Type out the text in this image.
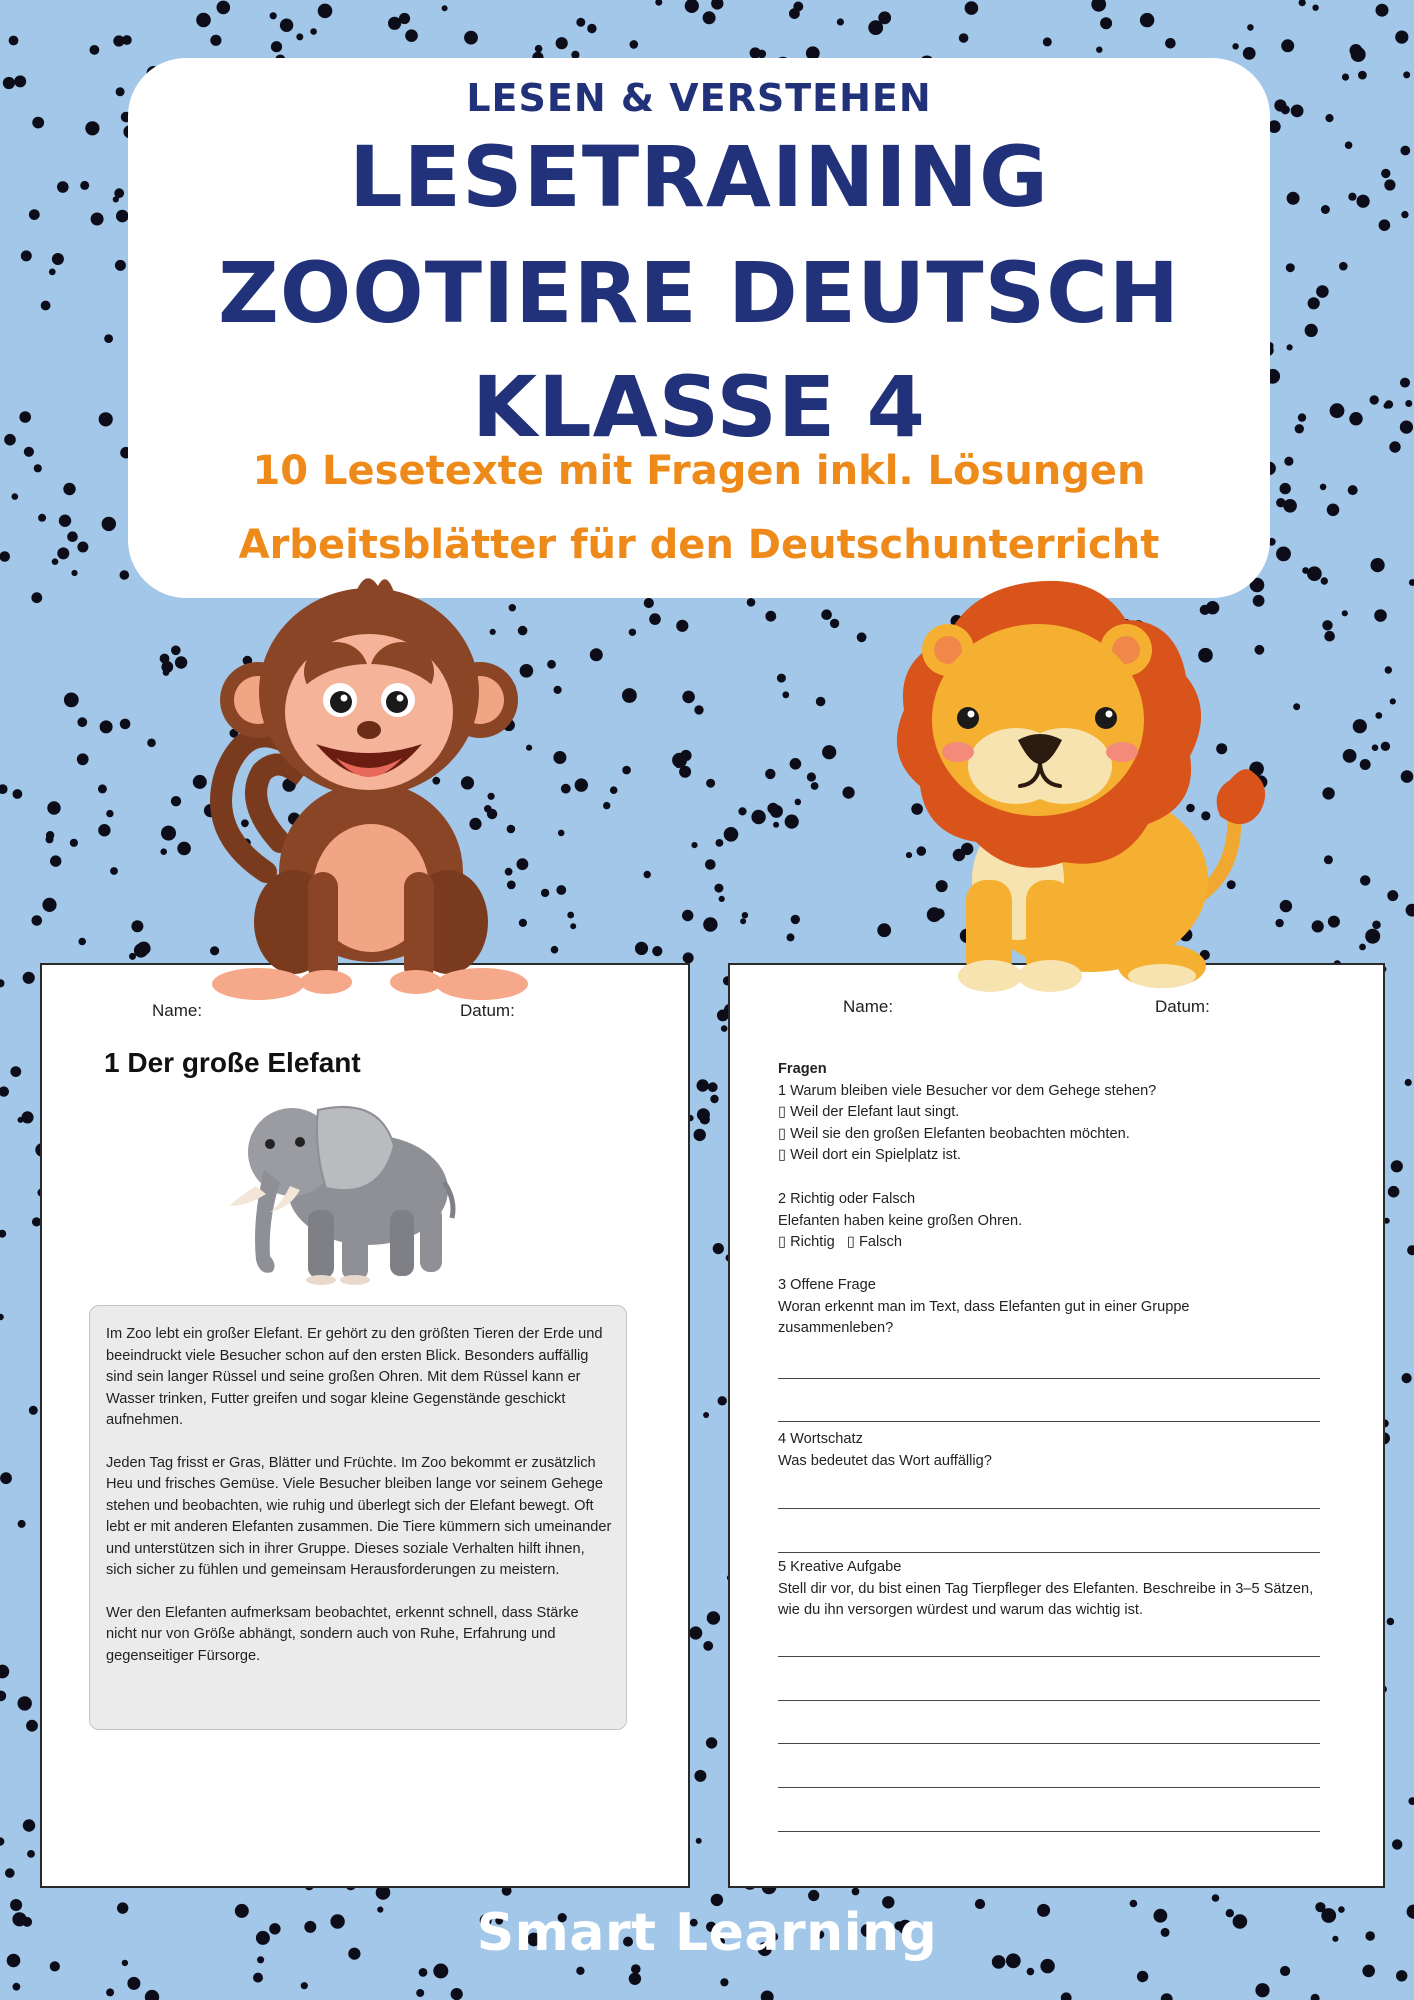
LESEN & VERSTEHEN
LESETRAINING
ZOOTIERE DEUTSCH
KLASSE 4
10 Lesetexte mit Fragen inkl. Lösungen
Arbeitsblätter für den Deutschunterricht
Name:	Datum:
1 Der große Elefant

Im Zoo lebt ein großer Elefant. Er gehört zu den größten Tieren der Erde und beeindruckt viele Besucher schon auf den ersten Blick. Besonders auffällig sind sein langer Rüssel und seine großen Ohren. Mit dem Rüssel kann er Wasser trinken, Futter greifen und sogar kleine Gegenstände geschickt aufnehmen.

Jeden Tag frisst er Gras, Blätter und Früchte. Im Zoo bekommt er zusätzlich Heu und frisches Gemüse. Viele Besucher bleiben lange vor seinem Gehege stehen und beobachten, wie ruhig und überlegt sich der Elefant bewegt. Oft lebt er mit anderen Elefanten zusammen. Die Tiere kümmern sich umeinander und unterstützen sich in ihrer Gruppe. Dieses soziale Verhalten hilft ihnen, sich sicher zu fühlen und gemeinsam Herausforderungen zu meistern.

Wer den Elefanten aufmerksam beobachtet, erkennt schnell, dass Stärke nicht nur von Größe abhängt, sondern auch von Ruhe, Erfahrung und gegenseitiger Fürsorge.

Name:	Datum:
Fragen
1 Warum bleiben viele Besucher vor dem Gehege stehen?
▯ Weil der Elefant laut singt.
▯ Weil sie den großen Elefanten beobachten möchten.
▯ Weil dort ein Spielplatz ist.
2 Richtig oder Falsch
Elefanten haben keine großen Ohren.
▯ Richtig ▯ Falsch
3 Offene Frage
Woran erkennt man im Text, dass Elefanten gut in einer Gruppe zusammenleben?
4 Wortschatz
Was bedeutet das Wort auffällig?
5 Kreative Aufgabe
Stell dir vor, du bist einen Tag Tierpfleger des Elefanten. Beschreibe in 3–5 Sätzen, wie du ihn versorgen würdest und warum das wichtig ist.
Smart Learning
